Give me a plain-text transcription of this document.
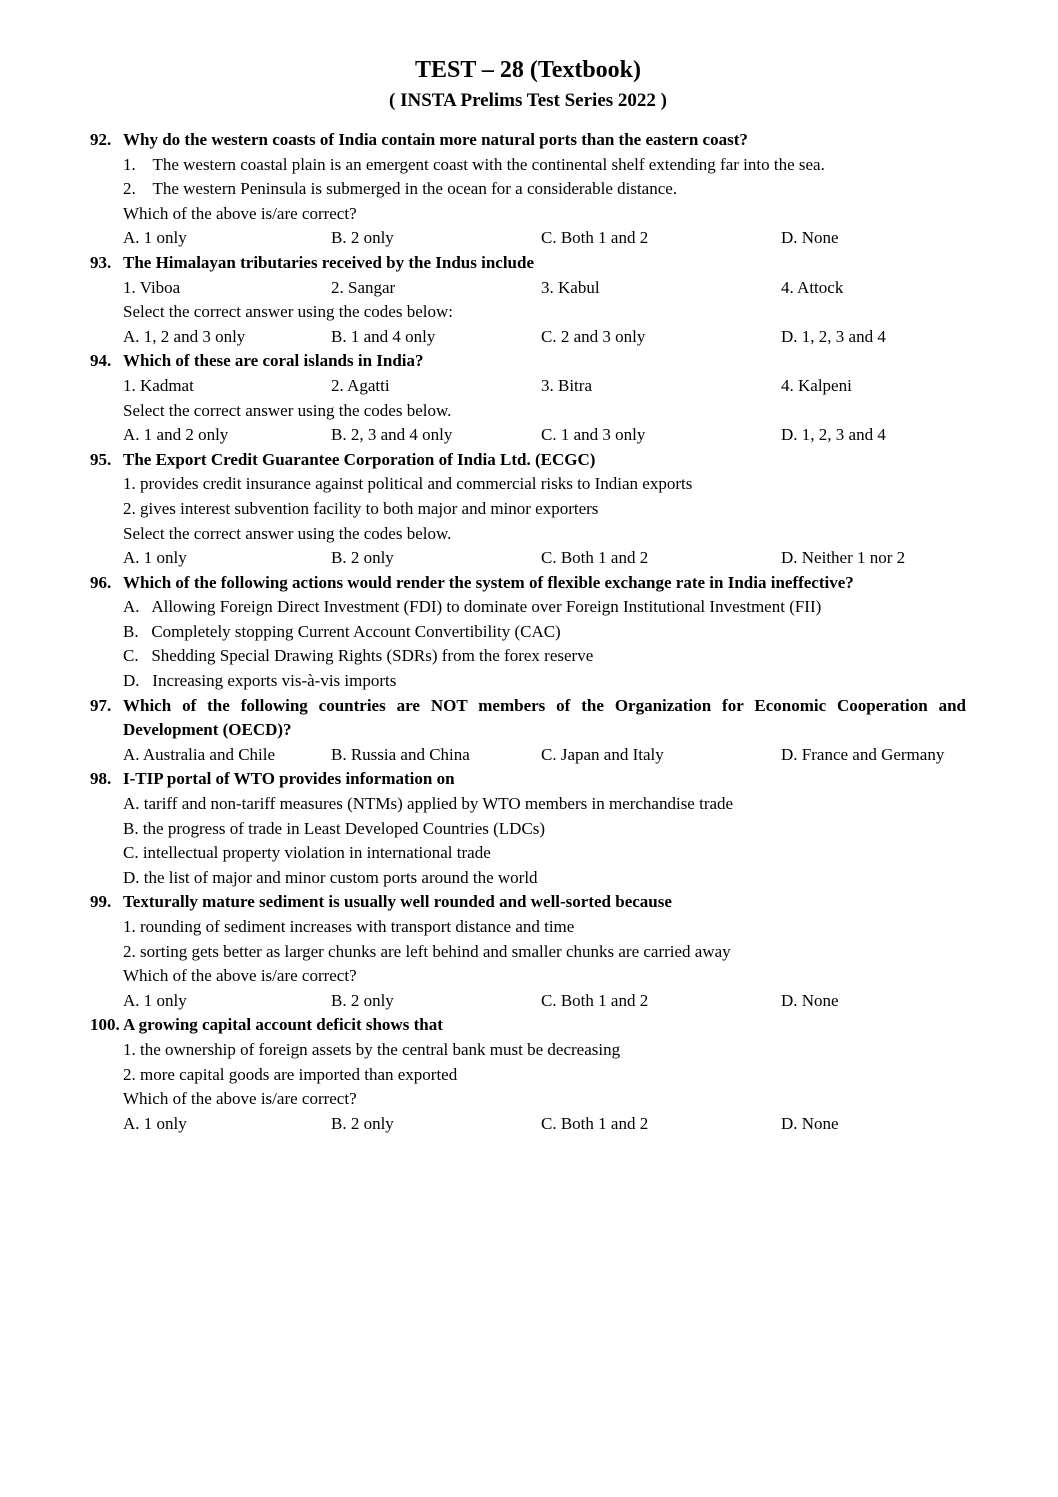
TEST – 28 (Textbook)
( INSTA Prelims Test Series 2022 )
92. Why do the western coasts of India contain more natural ports than the eastern coast?
1.    The western coastal plain is an emergent coast with the continental shelf extending far into the sea.
2.    The western Peninsula is submerged in the ocean for a considerable distance.
Which of the above is/are correct?
A. 1 only	B. 2 only	C. Both 1 and 2	D. None
93. The Himalayan tributaries received by the Indus include
1. Viboa	2. Sangar	3. Kabul	4. Attock
Select the correct answer using the codes below:
A. 1, 2 and 3 only	B. 1 and 4 only	C. 2 and 3 only	D. 1, 2, 3 and 4
94. Which of these are coral islands in India?
1. Kadmat	2. Agatti	3. Bitra	4. Kalpeni
Select the correct answer using the codes below.
A. 1 and 2 only	B. 2, 3 and 4 only	C. 1 and 3 only	D. 1, 2, 3 and 4
95. The Export Credit Guarantee Corporation of India Ltd. (ECGC)
1. provides credit insurance against political and commercial risks to Indian exports
2. gives interest subvention facility to both major and minor exporters
Select the correct answer using the codes below.
A. 1 only	B. 2 only	C. Both 1 and 2	D. Neither 1 nor 2
96. Which of the following actions would render the system of flexible exchange rate in India ineffective?
A.   Allowing Foreign Direct Investment (FDI) to dominate over Foreign Institutional Investment (FII)
B.   Completely stopping Current Account Convertibility (CAC)
C.   Shedding Special Drawing Rights (SDRs) from the forex reserve
D.   Increasing exports vis-à-vis imports
97. Which of the following countries are NOT members of the Organization for Economic Cooperation and Development (OECD)?
A. Australia and Chile	B. Russia and China	C. Japan and Italy	D. France and Germany
98. I-TIP portal of WTO provides information on
A. tariff and non-tariff measures (NTMs) applied by WTO members in merchandise trade
B. the progress of trade in Least Developed Countries (LDCs)
C. intellectual property violation in international trade
D. the list of major and minor custom ports around the world
99. Texturally mature sediment is usually well rounded and well-sorted because
1. rounding of sediment increases with transport distance and time
2. sorting gets better as larger chunks are left behind and smaller chunks are carried away
Which of the above is/are correct?
A. 1 only	B. 2 only	C. Both 1 and 2	D. None
100. A growing capital account deficit shows that
1. the ownership of foreign assets by the central bank must be decreasing
2. more capital goods are imported than exported
Which of the above is/are correct?
A. 1 only	B. 2 only	C. Both 1 and 2	D. None
